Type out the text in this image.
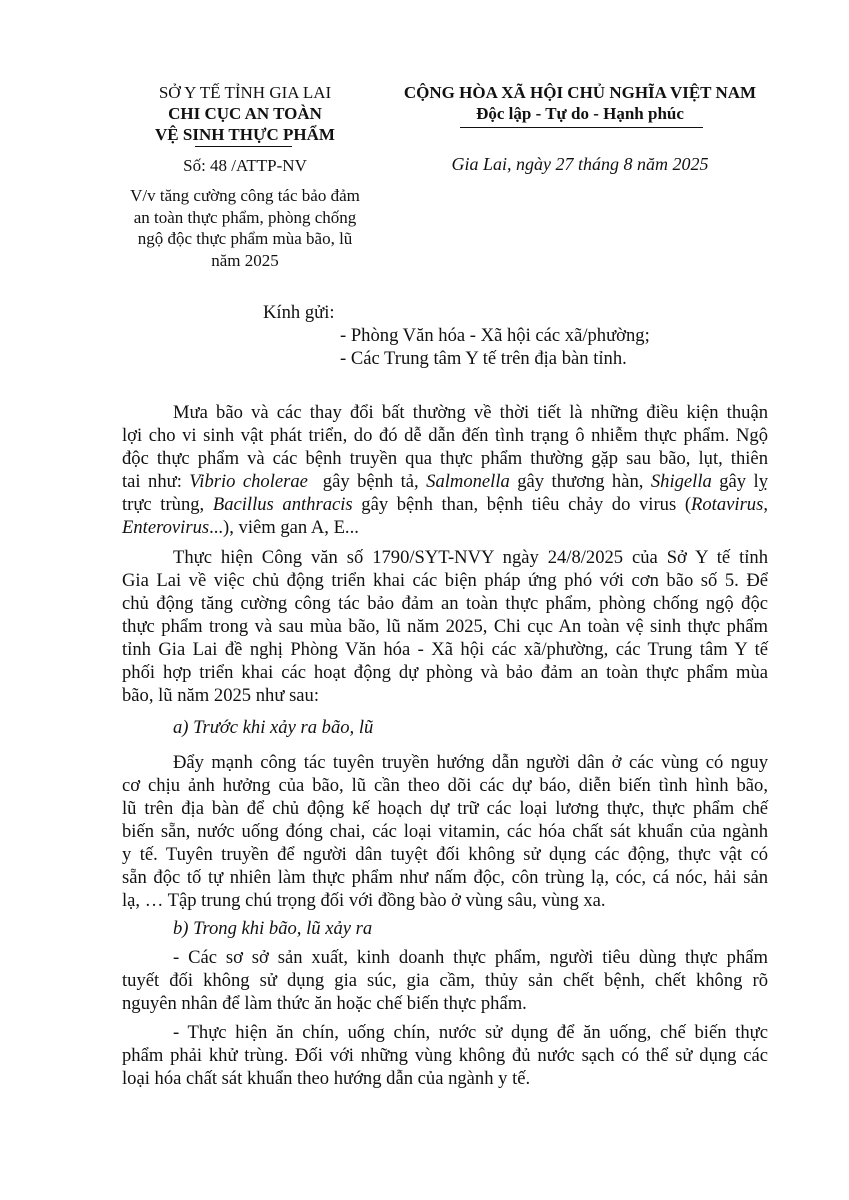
SỞ Y TẾ TỈNH GIA LAI
CHI CỤC AN TOÀN
VỆ SINH THỰC PHẨM
Số: 48 /ATTP-NV
V/v tăng cường công tác bảo đảm
an toàn thực phẩm, phòng chống
ngộ độc thực phẩm mùa bão, lũ
năm 2025
CỘNG HÒA XÃ HỘI CHỦ NGHĨA VIỆT NAM
Độc lập - Tự do - Hạnh phúc
Gia Lai, ngày 27 tháng 8 năm 2025
Kính gửi:
- Phòng Văn hóa - Xã hội các xã/phường;
- Các Trung tâm Y tế trên địa bàn tỉnh.
Mưa bão và các thay đổi bất thường về thời tiết là những điều kiện thuận
lợi cho vi sinh vật phát triển, do đó dễ dẫn đến tình trạng ô nhiễm thực phẩm. Ngộ
độc thực phẩm và các bệnh truyền qua thực phẩm thường gặp sau bão, lụt, thiên
tai như: Vibrio cholerae  gây bệnh tả, Salmonella gây thương hàn, Shigella gây lỵ
trực trùng, Bacillus anthracis gây bệnh than, bệnh tiêu chảy do virus (Rotavirus,
Enterovirus...), viêm gan A, E...
Thực hiện Công văn số 1790/SYT-NVY ngày 24/8/2025 của Sở Y tế tỉnh
Gia Lai về việc chủ động triển khai các biện pháp ứng phó với cơn bão số 5. Để
chủ động tăng cường công tác bảo đảm an toàn thực phẩm, phòng chống ngộ độc
thực phẩm trong và sau mùa bão, lũ năm 2025, Chi cục An toàn vệ sinh thực phẩm
tỉnh Gia Lai đề nghị Phòng Văn hóa - Xã hội các xã/phường, các Trung tâm Y tế
phối hợp triển khai các hoạt động dự phòng và bảo đảm an toàn thực phẩm mùa
bão, lũ năm 2025 như sau:
a) Trước khi xảy ra bão, lũ
Đẩy mạnh công tác tuyên truyền hướng dẫn người dân ở các vùng có nguy
cơ chịu ảnh hưởng của bão, lũ cần theo dõi các dự báo, diễn biến tình hình bão,
lũ trên địa bàn để chủ động kế hoạch dự trữ các loại lương thực, thực phẩm chế
biến sẵn, nước uống đóng chai, các loại vitamin, các hóa chất sát khuẩn của ngành
y tế. Tuyên truyền để người dân tuyệt đối không sử dụng các động, thực vật có
sẵn độc tố tự nhiên làm thực phẩm như nấm độc, côn trùng lạ, cóc, cá nóc, hải sản
lạ, … Tập trung chú trọng đối với đồng bào ở vùng sâu, vùng xa.
b) Trong khi bão, lũ xảy ra
- Các sơ sở sản xuất, kinh doanh thực phẩm, người tiêu dùng thực phẩm
tuyết đối không sử dụng gia súc, gia cầm, thủy sản chết bệnh, chết không rõ
nguyên nhân để làm thức ăn hoặc chế biến thực phẩm.
- Thực hiện ăn chín, uống chín, nước sử dụng để ăn uống, chế biến thực
phẩm phải khử trùng. Đối với những vùng không đủ nước sạch có thể sử dụng các
loại hóa chất sát khuẩn theo hướng dẫn của ngành y tế.
